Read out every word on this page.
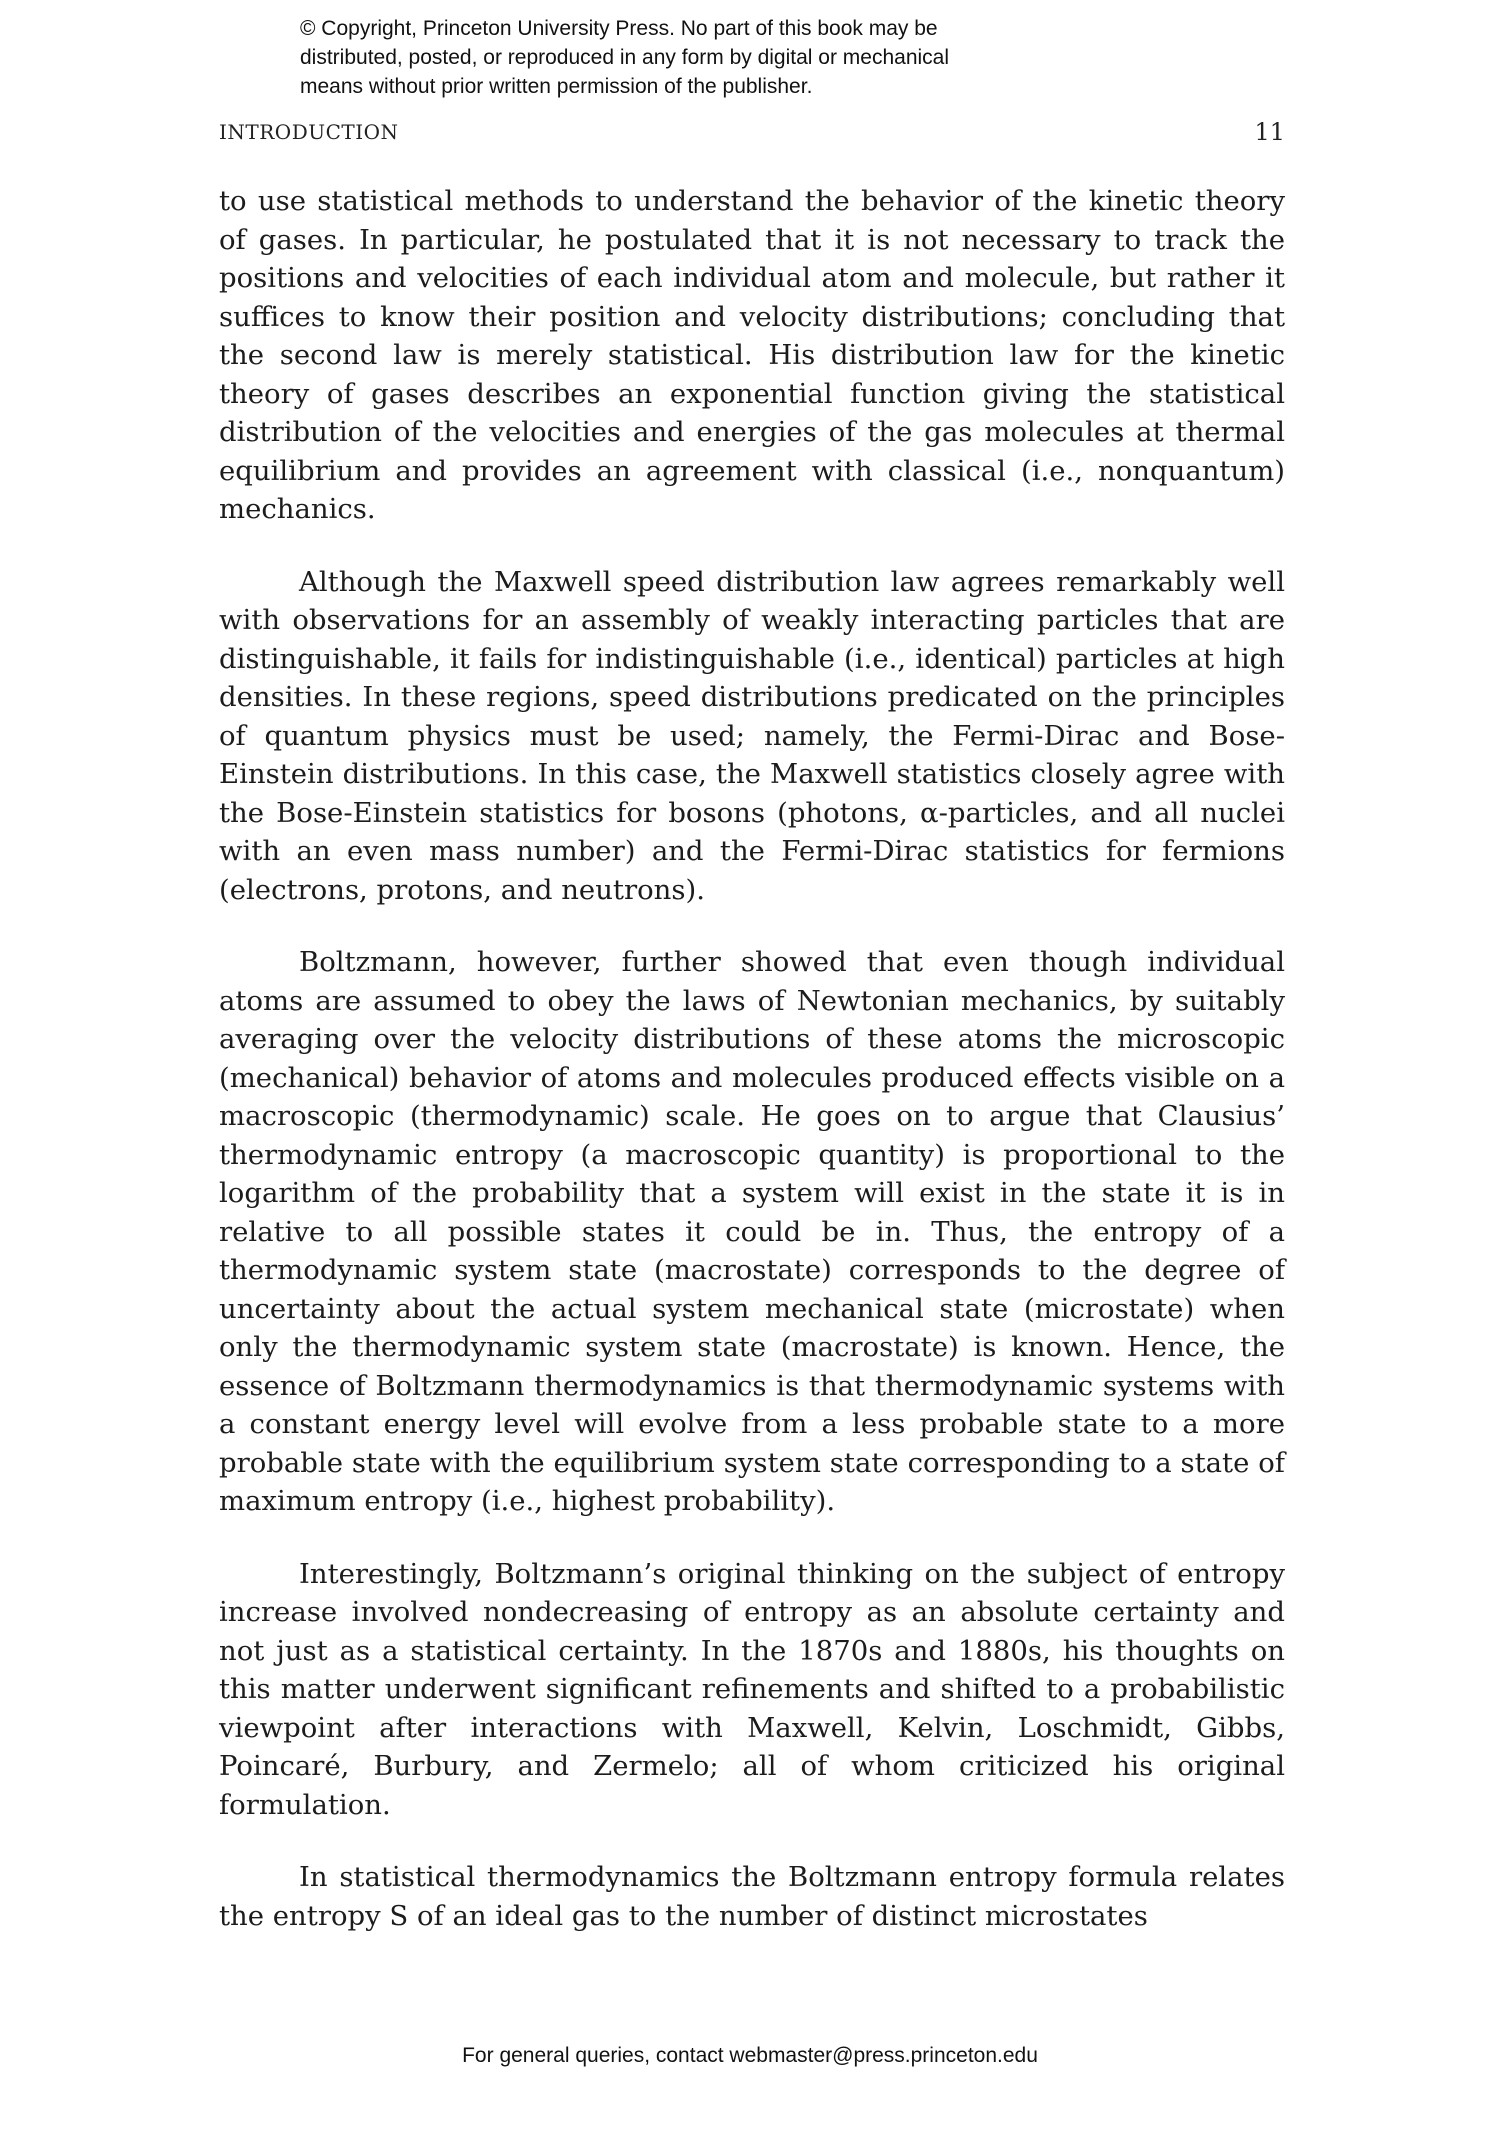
© Copyright, Princeton University Press. No part of this book may be
distributed, posted, or reproduced in any form by digital or mechanical
means without prior written permission of the publisher.
INTRODUCTION	11

to use statistical methods to understand the behavior of the kinetic theory of gases. In particular, he postulated that it is not necessary to track the positions and velocities of each individual atom and molecule, but rather it suffices to know their position and velocity distributions; concluding that the second law is merely statistical. His distribution law for the kinetic theory of gases describes an exponential function giving the statistical distribution of the velocities and energies of the gas molecules at thermal equilibrium and provides an agreement with classical (i.e., nonquantum) mechanics.

Although the Maxwell speed distribution law agrees remarkably well with observations for an assembly of weakly interacting particles that are distinguishable, it fails for indistinguishable (i.e., identical) particles at high densities. In these regions, speed distributions predicated on the principles of quantum physics must be used; namely, the Fermi-Dirac and Bose-Einstein distributions. In this case, the Maxwell statistics closely agree with the Bose-Einstein statistics for bosons (photons, α-particles, and all nuclei with an even mass number) and the Fermi-Dirac statistics for fermions (electrons, protons, and neutrons).

Boltzmann, however, further showed that even though individual atoms are assumed to obey the laws of Newtonian mechanics, by suitably averaging over the velocity distributions of these atoms the microscopic (mechanical) behavior of atoms and molecules produced effects visible on a macroscopic (thermodynamic) scale. He goes on to argue that Clausius’ thermodynamic entropy (a macroscopic quantity) is proportional to the logarithm of the probability that a system will exist in the state it is in relative to all possible states it could be in. Thus, the entropy of a thermodynamic system state (macrostate) corresponds to the degree of uncertainty about the actual system mechanical state (microstate) when only the thermodynamic system state (macrostate) is known. Hence, the essence of Boltzmann thermodynamics is that thermodynamic systems with a constant energy level will evolve from a less probable state to a more probable state with the equilibrium system state corresponding to a state of maximum entropy (i.e., highest probability).

Interestingly, Boltzmann’s original thinking on the subject of entropy increase involved nondecreasing of entropy as an absolute certainty and not just as a statistical certainty. In the 1870s and 1880s, his thoughts on this matter underwent significant refinements and shifted to a probabilistic viewpoint after interactions with Maxwell, Kelvin, Loschmidt, Gibbs, Poincaré, Burbury, and Zermelo; all of whom criticized his original formulation.

In statistical thermodynamics the Boltzmann entropy formula relates the entropy S of an ideal gas to the number of distinct microstates

For general queries, contact webmaster@press.princeton.edu
